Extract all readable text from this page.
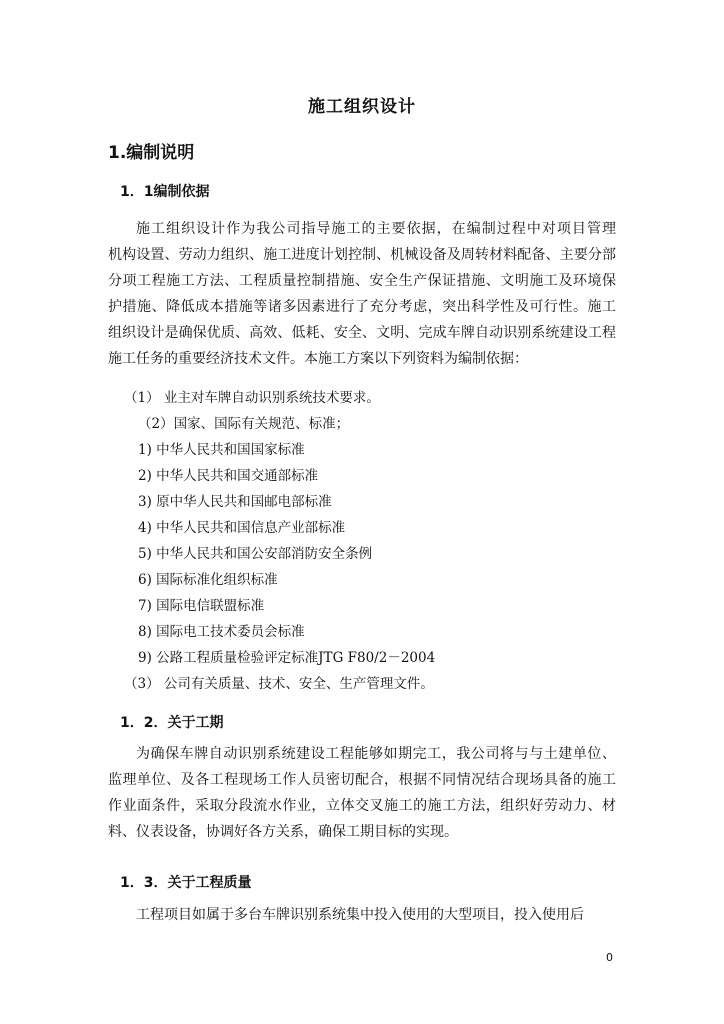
施工组织设计
1.编制说明
1．1编制依据
施工组织设计作为我公司指导施工的主要依据，在编制过程中对项目管理
机构设置、劳动力组织、施工进度计划控制、机械设备及周转材料配备、主要分部
分项工程施工方法、工程质量控制措施、安全生产保证措施、文明施工及环境保
护措施、降低成本措施等诸多因素进行了充分考虑，突出科学性及可行性。施工
组织设计是确保优质、高效、低耗、安全、文明、完成车牌自动识别系统建设工程
施工任务的重要经济技术文件。本施工方案以下列资料为编制依据：
（1） 业主对车牌自动识别系统技术要求。
（2）国家、国际有关规范、标准；
1) 中华人民共和国国家标准
2) 中华人民共和国交通部标准
3) 原中华人民共和国邮电部标准
4) 中华人民共和国信息产业部标准
5) 中华人民共和国公安部消防安全条例
6) 国际标准化组织标准
7) 国际电信联盟标准
8) 国际电工技术委员会标准
9) 公路工程质量检验评定标准JTG F80/2－2004
（3） 公司有关质量、技术、安全、生产管理文件。
1．2．关于工期
为确保车牌自动识别系统建设工程能够如期完工，我公司将与与土建单位、
监理单位、及各工程现场工作人员密切配合，根据不同情况结合现场具备的施工
作业面条件，采取分段流水作业，立体交叉施工的施工方法，组织好劳动力、材
料、仪表设备，协调好各方关系，确保工期目标的实现。
1．3．关于工程质量
工程项目如属于多台车牌识别系统集中投入使用的大型项目，投入使用后
0
